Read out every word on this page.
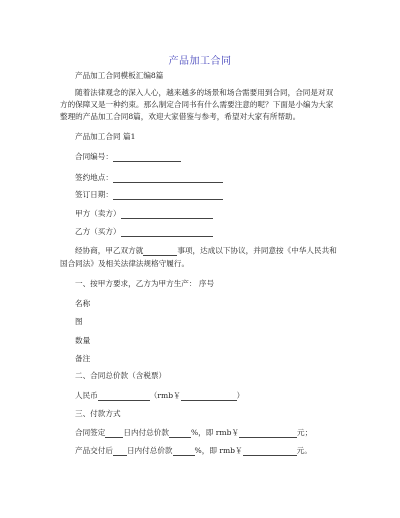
产品加工合同
产品加工合同模板汇编8篇
随着法律观念的深入人心，越来越多的场景和场合需要用到合同，合同是对双
方的保障又是一种约束。那么制定合同书有什么需要注意的呢？下面是小编为大家
整理的产品加工合同8篇，欢迎大家借鉴与参考，希望对大家有所帮助。
产品加工合同 篇1
合同编号：
签约地点：
签订日期：
甲方（卖方）
乙方（买方）
经协商，甲乙双方就	事项，达成以下协议，并同意按《中华人民共和
国合同法》及相关法律法规格守履行。
一、按甲方要求，乙方为甲方生产： 序号
名称
图
数量
备注
二、合同总价款（含税票）
人民币	（rmb￥	）
三、付款方式
合同签定 日内付总价款	%，即 rmb￥	元；
产品交付后 日内付总价款	%，即 rmb￥	元。
